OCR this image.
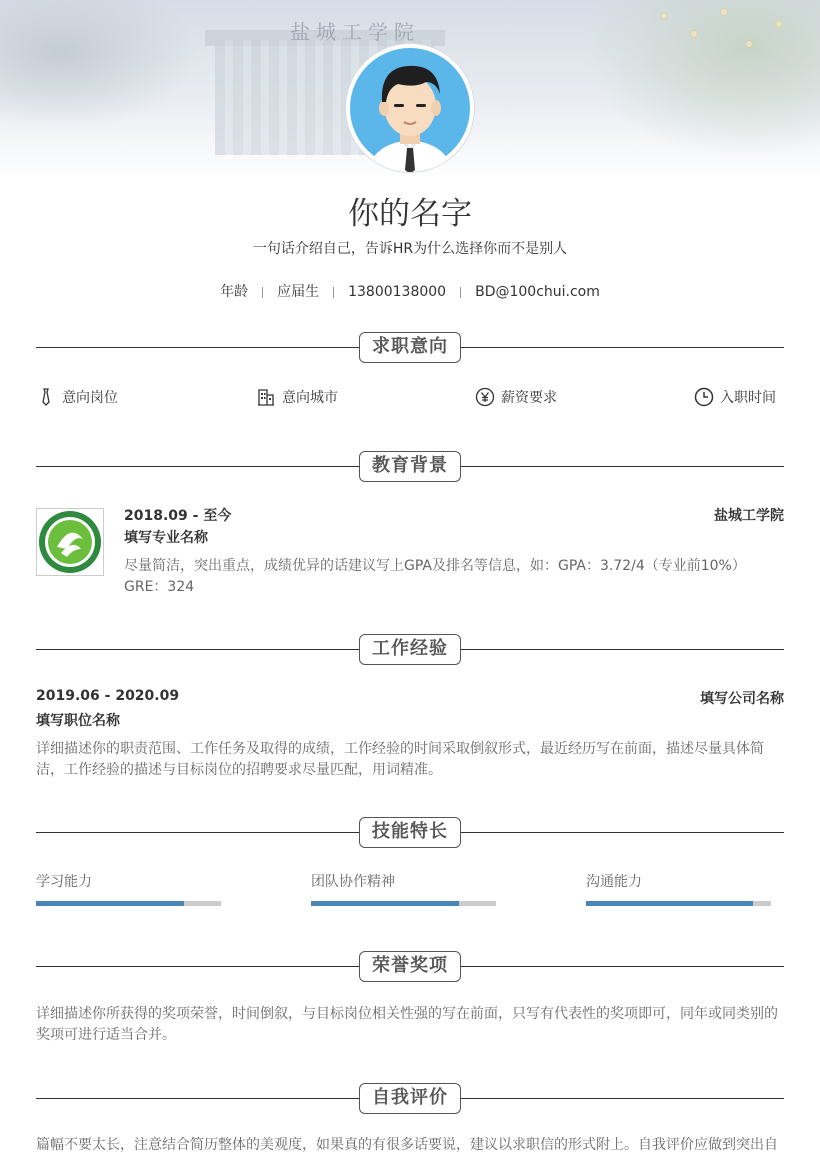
盐城工学院
你的名字
一句话介绍自己，告诉HR为什么选择你而不是别人
年龄 应届生 13800138000 BD@100chui.com
求职意向
意向岗位	意向城市	薪资要求	入职时间
教育背景
2018.09 - 至今	盐城工学院
填写专业名称
尽量简洁，突出重点，成绩优异的话建议写上GPA及排名等信息，如：GPA：3.72/4（专业前10%） GRE：324
工作经验
2019.06 - 2020.09	填写公司名称
填写职位名称
详细描述你的职责范围、工作任务及取得的成绩，工作经验的时间采取倒叙形式，最近经历写在前面，描述尽量具体简洁，工作经验的描述与目标岗位的招聘要求尽量匹配，用词精准。
技能特长
学习能力	团队协作精神	沟通能力
荣誉奖项
详细描述你所获得的奖项荣誉，时间倒叙，与目标岗位相关性强的写在前面，只写有代表性的奖项即可，同年或同类别的奖项可进行适当合并。
自我评价
篇幅不要太长，注意结合简历整体的美观度，如果真的有很多话要说，建议以求职信的形式附上。自我评价应做到突出自
